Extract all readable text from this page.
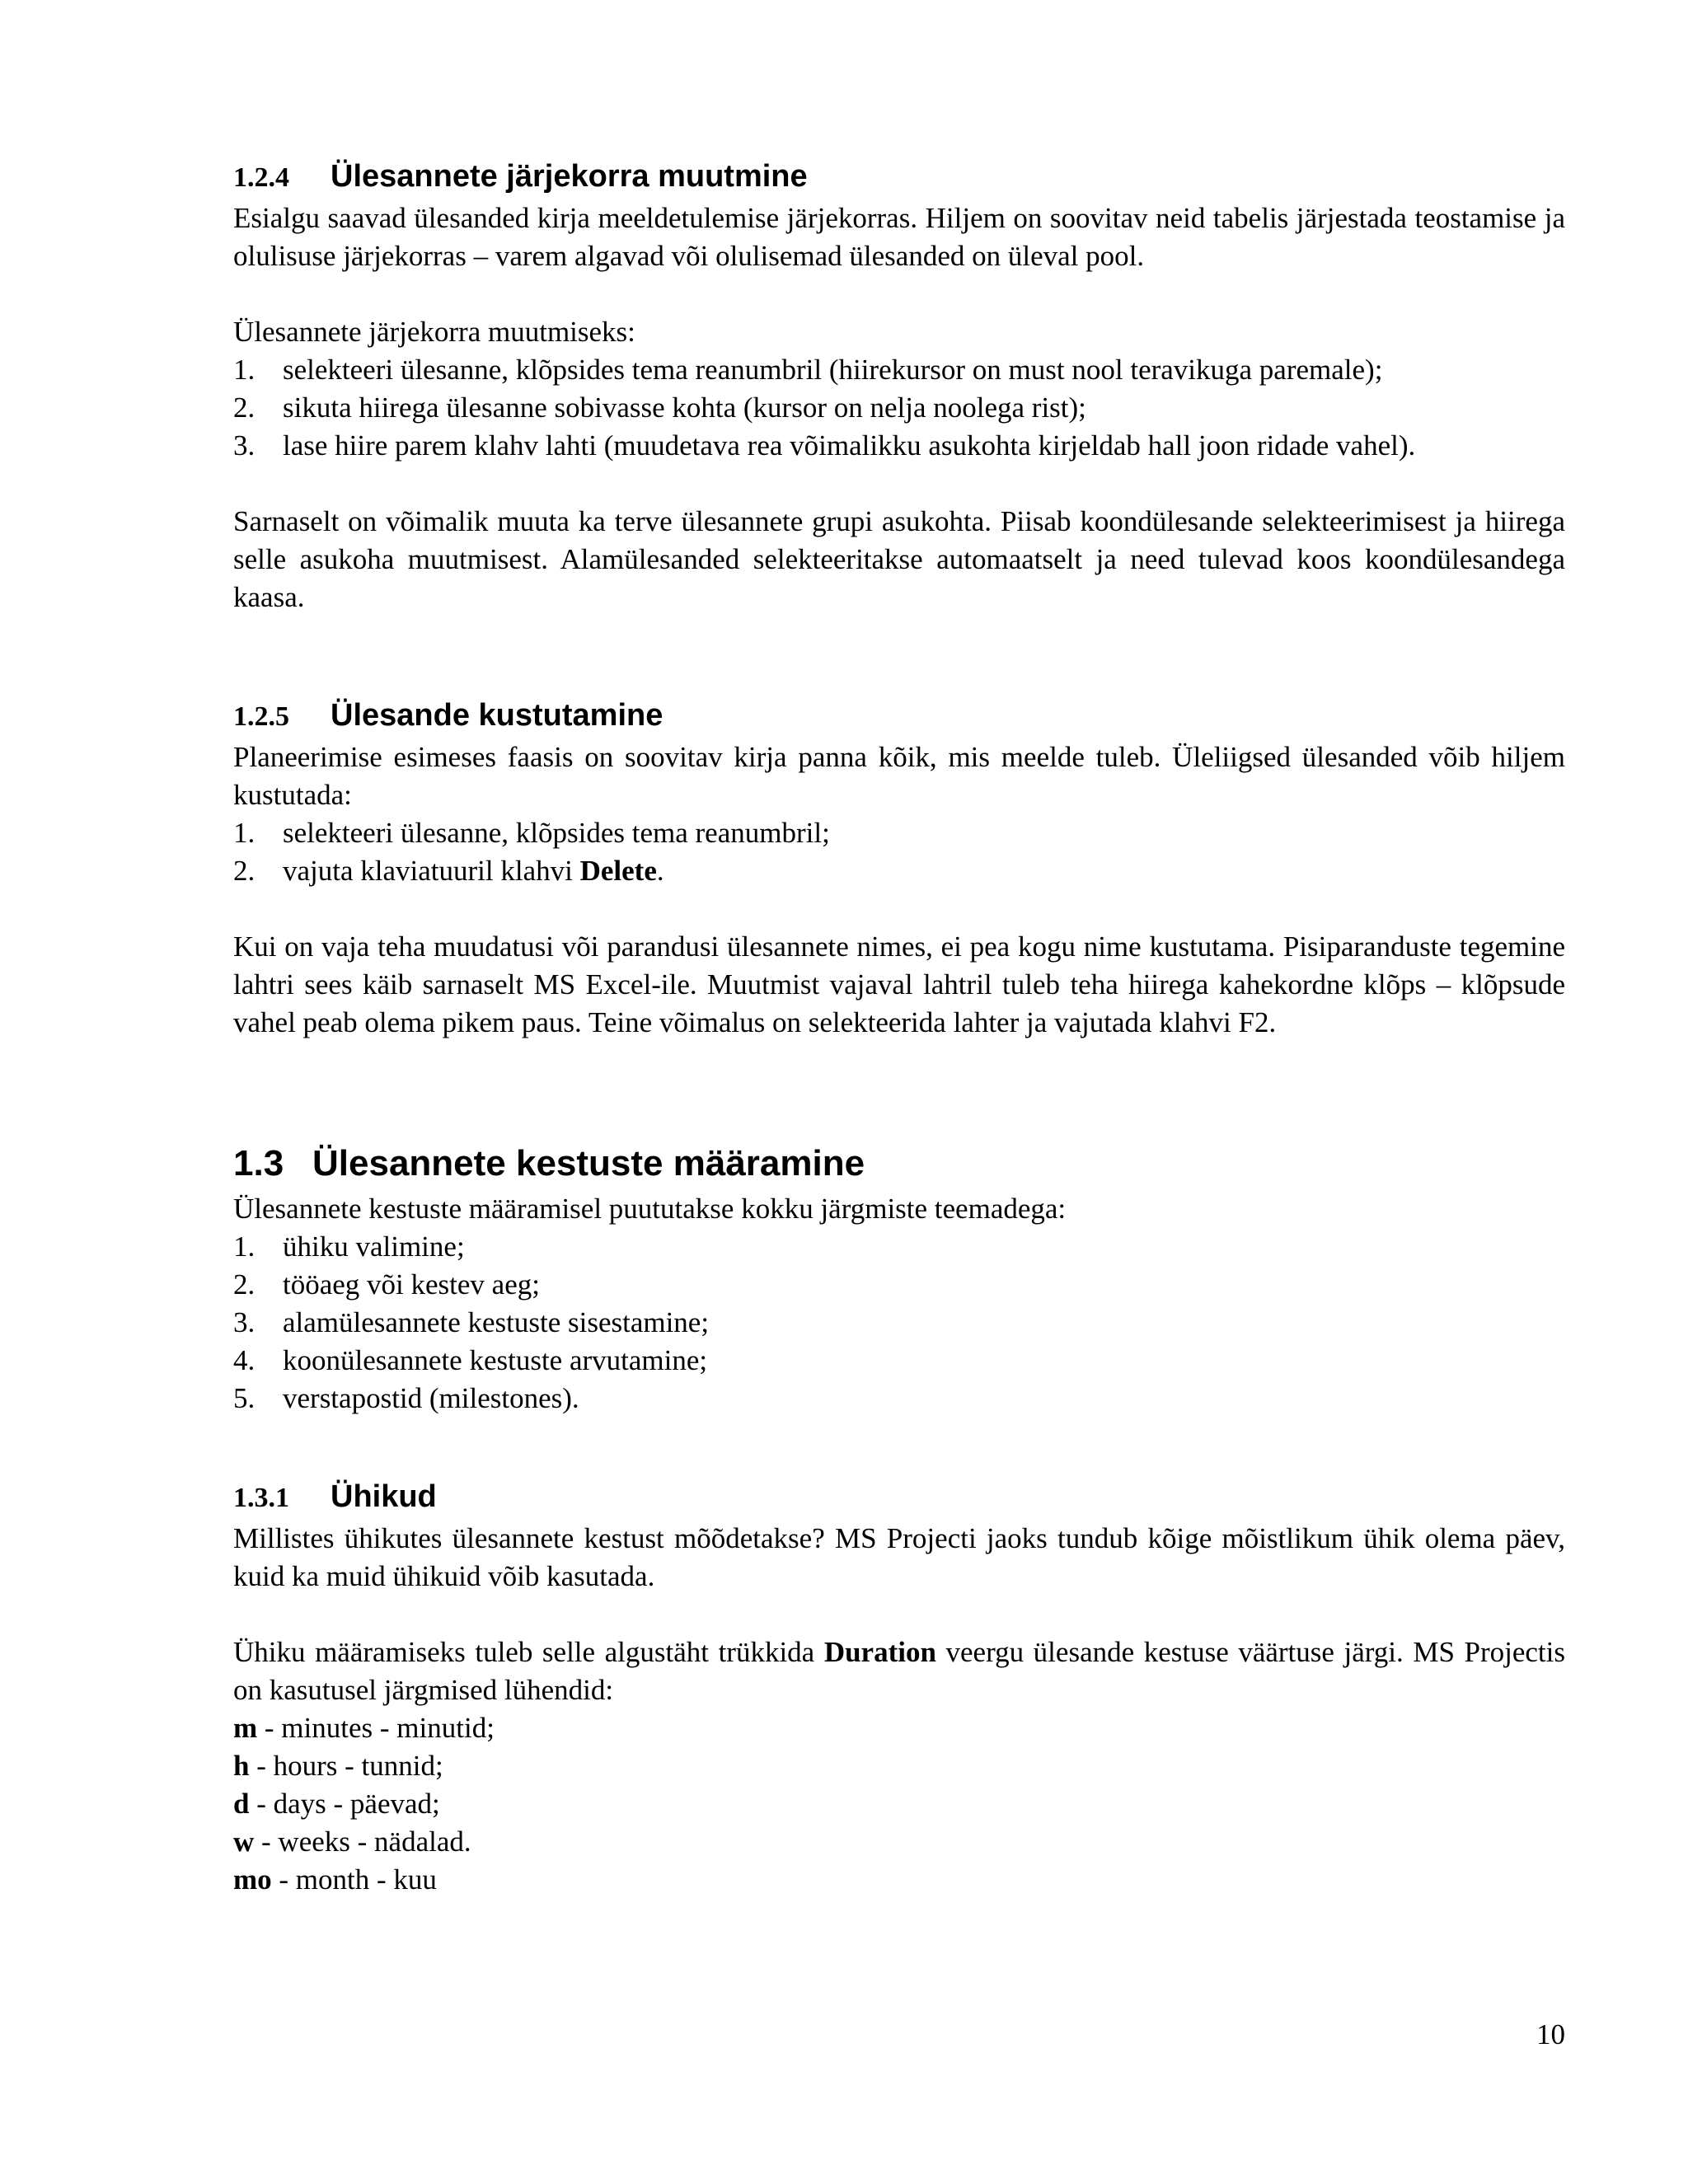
1.2.4	Ülesannete järjekorra muutmine

Esialgu saavad ülesanded kirja meeldetulemise järjekorras. Hiljem on soovitav neid tabelis järjestada teostamise ja olulisuse järjekorras – varem algavad või olulisemad ülesanded on üleval pool.

Ülesannete järjekorra muutmiseks:
1. selekteeri ülesanne, klõpsides tema reanumbril (hiirekursor on must nool teravikuga paremale);
2. sikuta hiirega ülesanne sobivasse kohta (kursor on nelja noolega rist);
3. lase hiire parem klahv lahti (muudetava rea võimalikku asukohta kirjeldab hall joon ridade vahel).

Sarnaselt on võimalik muuta ka terve ülesannete grupi asukohta. Piisab koondülesande selekteerimisest ja hiirega selle asukoha muutmisest. Alamülesanded selekteeritakse automaatselt ja need tulevad koos koondülesandega kaasa.

1.2.5	Ülesande kustutamine

Planeerimise esimeses faasis on soovitav kirja panna kõik, mis meelde tuleb. Üleliigsed ülesanded võib hiljem kustutada:

1. selekteeri ülesanne, klõpsides tema reanumbril;
2. vajuta klaviatuuril klahvi Delete.

Kui on vaja teha muudatusi või parandusi ülesannete nimes, ei pea kogu nime kustutama. Pisiparanduste tegemine lahtri sees käib sarnaselt MS Excel-ile. Muutmist vajaval lahtril tuleb teha hiirega kahekordne klõps – klõpsude vahel peab olema pikem paus. Teine võimalus on selekteerida lahter ja vajutada klahvi F2.

1.3 Ülesannete kestuste määramine
Ülesannete kestuste määramisel puututakse kokku järgmiste teemadega:
1. ühiku valimine;
2. tööaeg või kestev aeg;
3. alamülesannete kestuste sisestamine;
4. koonülesannete kestuste arvutamine;
5. verstapostid (milestones).
1.3.1	Ühikud

Millistes ühikutes ülesannete kestust mõõdetakse? MS Projecti jaoks tundub kõige mõistlikum ühik olema päev, kuid ka muid ühikuid võib kasutada.

Ühiku määramiseks tuleb selle algustäht trükkida Duration veergu ülesande kestuse väärtuse järgi. MS Projectis on kasutusel järgmised lühendid:

m - minutes - minutid;
h - hours - tunnid;
d - days - päevad;
w - weeks - nädalad.
mo - month - kuu
10
